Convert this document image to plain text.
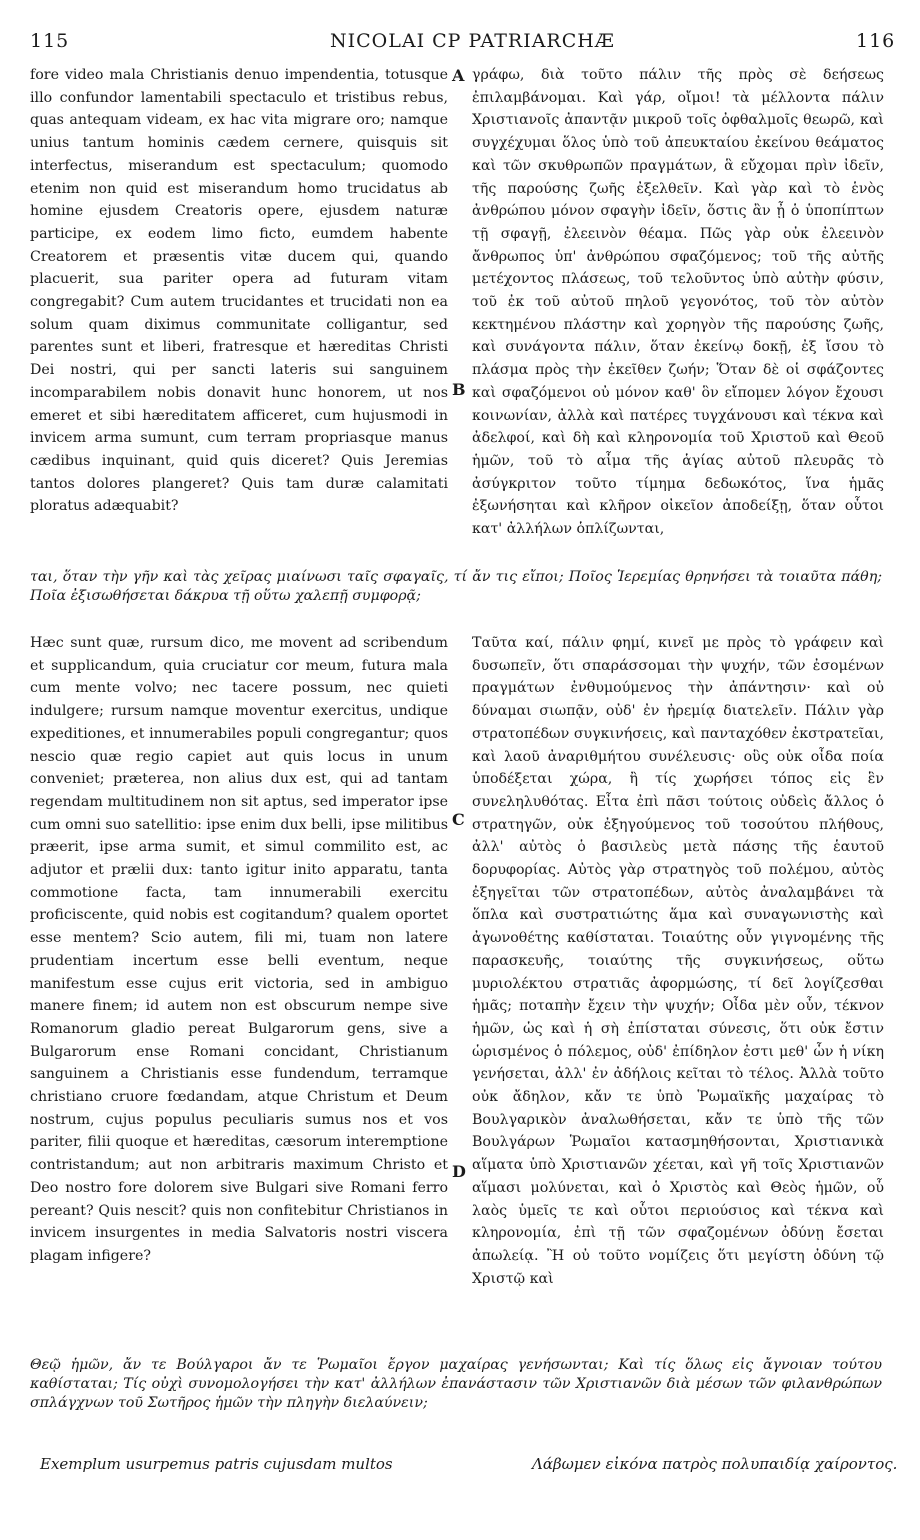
115	NICOLAI CP PATRIARCHÆ	116
fore video mala Christianis denuo impendentia, totusque illo confundor lamentabili spectaculo et tristibus rebus, quas antequam videam, ex hac vita migrare oro; namque unius tantum hominis cædem cernere, quisquis sit interfectus, miserandum est spectaculum; quomodo etenim non quid est miserandum homo trucidatus ab homine ejusdem Creatoris opere, ejusdem naturæ participe, ex eodem limo ficto, eumdem habente Creatorem et præsentis vitæ ducem qui, quando placuerit, sua pariter opera ad futuram vitam congregabit? Cum autem trucidantes et trucidati non ea solum quam diximus communitate colligantur, sed parentes sunt et liberi, fratresque et hæreditas Christi Dei nostri, qui per sancti lateris sui sanguinem incomparabilem nobis donavit hunc honorem, ut nos emeret et sibi hæreditatem afficeret, cum hujusmodi in invicem arma sumunt, cum terram propriasque manus cædibus inquinant, quid quis diceret? Quis Jeremias tantos dolores plangeret? Quis tam duræ calamitati ploratus adæquabit?
γράφω, διὰ τοῦτο πάλιν τῆς πρὸς σὲ δεήσεως ἐπιλαμβάνομαι. Καὶ γάρ, οἴμοι! τὰ μέλλοντα πάλιν Χριστιανοῖς ἀπαντᾷν μικροῦ τοῖς ὀφθαλμοῖς θεωρῶ, καὶ συγχέχυμαι ὅλος ὑπὸ τοῦ ἀπευκταίου ἐκείνου θεάματος καὶ τῶν σκυθρωπῶν πραγμάτων, ἃ εὔχομαι πρὶν ἰδεῖν, τῆς παρούσης ζωῆς ἐξελθεῖν. Καὶ γὰρ καὶ τὸ ἑνὸς ἀνθρώπου μόνον σφαγὴν ἰδεῖν, ὅστις ἂν ᾖ ὁ ὑποπίπτων τῇ σφαγῇ, ἐλεεινὸν θέαμα. Πῶς γὰρ οὐκ ἐλεεινὸν ἄνθρωπος ὑπ' ἀνθρώπου σφαζόμενος; τοῦ τῆς αὐτῆς μετέχοντος πλάσεως, τοῦ τελοῦντος ὑπὸ αὐτὴν φύσιν, τοῦ ἐκ τοῦ αὐτοῦ πηλοῦ γεγονότος, τοῦ τὸν αὐτὸν κεκτημένου πλάστην καὶ χορηγὸν τῆς παρούσης ζωῆς, καὶ συνάγοντα πάλιν, ὅταν ἐκείνῳ δοκῇ, ἐξ ἴσου τὸ πλάσμα πρὸς τὴν ἐκεῖθεν ζωήν; Ὅταν δὲ οἱ σφάζοντες καὶ σφαζόμενοι οὐ μόνον καθ' ὃν εἴπομεν λόγον ἔχουσι κοινωνίαν, ἀλλὰ καὶ πατέρες τυγχάνουσι καὶ τέκνα καὶ ἀδελφοί, καὶ δὴ καὶ κληρονομία τοῦ Χριστοῦ καὶ Θεοῦ ἡμῶν, τοῦ τὸ αἷμα τῆς ἁγίας αὐτοῦ πλευρᾶς τὸ ἀσύγκριτον τοῦτο τίμημα δεδωκότος, ἵνα ἡμᾶς ἐξωνήσηται καὶ κλῆρον οἰκεῖον ἀποδείξῃ, ὅταν οὗτοι κατ' ἀλλήλων ὁπλίζωνται,
A
B
C
D
ται, ὅταν τὴν γῆν καὶ τὰς χεῖρας μιαίνωσι ταῖς σφαγαῖς, τί ἄν τις εἴποι; Ποῖος Ἱερεμίας θρηνήσει τὰ τοιαῦτα πάθη; Ποῖα ἐξισωθήσεται δάκρυα τῇ οὕτω χαλεπῇ συμφορᾷ;
Hæc sunt quæ, rursum dico, me movent ad scribendum et supplicandum, quia cruciatur cor meum, futura mala cum mente volvo; nec tacere possum, nec quieti indulgere; rursum namque moventur exercitus, undique expeditiones, et innumerabiles populi congregantur; quos nescio quæ regio capiet aut quis locus in unum conveniet; præterea, non alius dux est, qui ad tantam regendam multitudinem non sit aptus, sed imperator ipse cum omni suo satellitio: ipse enim dux belli, ipse militibus præerit, ipse arma sumit, et simul commilito est, ac adjutor et prælii dux: tanto igitur inito apparatu, tanta commotione facta, tam innumerabili exercitu proficiscente, quid nobis est cogitandum? qualem oportet esse mentem? Scio autem, fili mi, tuam non latere prudentiam incertum esse belli eventum, neque manifestum esse cujus erit victoria, sed in ambiguo manere finem; id autem non est obscurum nempe sive Romanorum gladio pereat Bulgarorum gens, sive a Bulgarorum ense Romani concidant, Christianum sanguinem a Christianis esse fundendum, terramque christiano cruore fœdandam, atque Christum et Deum nostrum, cujus populus peculiaris sumus nos et vos pariter, filii quoque et hæreditas, cæsorum interemptione contristandum; aut non arbitraris maximum Christo et Deo nostro fore dolorem sive Bulgari sive Romani ferro pereant? Quis nescit? quis non confitebitur Christianos in invicem insurgentes in media Salvatoris nostri viscera plagam infigere?
Ταῦτα καί, πάλιν φημί, κινεῖ με πρὸς τὸ γράφειν καὶ δυσωπεῖν, ὅτι σπαράσσομαι τὴν ψυχήν, τῶν ἐσομένων πραγμάτων ἐνθυμούμενος τὴν ἀπάντησιν· καὶ οὐ δύναμαι σιωπᾷν, οὐδ' ἐν ἠρεμίᾳ διατελεῖν. Πάλιν γὰρ στρατοπέδων συγκινήσεις, καὶ πανταχόθεν ἐκστρατεῖαι, καὶ λαοῦ ἀναριθμήτου συνέλευσις· οὓς οὐκ οἶδα ποία ὑποδέξεται χώρα, ἢ τίς χωρήσει τόπος εἰς ἓν συνεληλυθότας. Εἶτα ἐπὶ πᾶσι τούτοις οὐδεὶς ἄλλος ὁ στρατηγῶν, οὐκ ἐξηγούμενος τοῦ τοσούτου πλήθους, ἀλλ' αὐτὸς ὁ βασιλεὺς μετὰ πάσης τῆς ἑαυτοῦ δορυφορίας. Αὐτὸς γὰρ στρατηγὸς τοῦ πολέμου, αὐτὸς ἐξηγεῖται τῶν στρατοπέδων, αὐτὸς ἀναλαμβάνει τὰ ὅπλα καὶ συστρατιώτης ἅμα καὶ συναγωνιστὴς καὶ ἀγωνοθέτης καθίσταται. Τοιαύτης οὖν γιγνομένης τῆς παρασκευῆς, τοιαύτης τῆς συγκινήσεως, οὕτω μυριολέκτου στρατιᾶς ἀφορμώσης, τί δεῖ λογίζεσθαι ἡμᾶς; ποταπὴν ἔχειν τὴν ψυχήν; Οἶδα μὲν οὖν, τέκνον ἡμῶν, ὡς καὶ ἡ σὴ ἐπίσταται σύνεσις, ὅτι οὐκ ἔστιν ὡρισμένος ὁ πόλεμος, οὐδ' ἐπίδηλον ἐστι μεθ' ὧν ἡ νίκη γενήσεται, ἀλλ' ἐν ἀδήλοις κεῖται τὸ τέλος. Ἀλλὰ τοῦτο οὐκ ἄδηλον, κἄν τε ὑπὸ Ῥωμαϊκῆς μαχαίρας τὸ Βουλγαρικὸν ἀναλωθήσεται, κἄν τε ὑπὸ τῆς τῶν Βουλγάρων Ῥωμαῖοι κατασμηθήσονται, Χριστιανικὰ αἵματα ὑπὸ Χριστιανῶν χέεται, καὶ γῆ τοῖς Χριστιανῶν αἵμασι μολύνεται, καὶ ὁ Χριστὸς καὶ Θεὸς ἡμῶν, οὗ λαὸς ὑμεῖς τε καὶ οὗτοι περιούσιος καὶ τέκνα καὶ κληρονομία, ἐπὶ τῇ τῶν σφαζομένων ὀδύνῃ ἔσεται ἀπωλείᾳ. Ἢ οὐ τοῦτο νομίζεις ὅτι μεγίστη ὀδύνη τῷ Χριστῷ καὶ
Θεῷ ἡμῶν, ἄν τε Βούλγαροι ἄν τε Ῥωμαῖοι ἔργον μαχαίρας γενήσωνται; Καὶ τίς ὅλως εἰς ἄγνοιαν τούτου καθίσταται; Τίς οὐχὶ συνομολογήσει τὴν κατ' ἀλλήλων ἐπανάστασιν τῶν Χριστιανῶν διὰ μέσων τῶν φιλανθρώπων σπλάγχνων τοῦ Σωτῆρος ἡμῶν τὴν πληγὴν διελαύνειν;
Exemplum usurpemus patris cujusdam multos	Λάβωμεν εἰκόνα πατρὸς πολυπαιδίᾳ χαίροντος.
